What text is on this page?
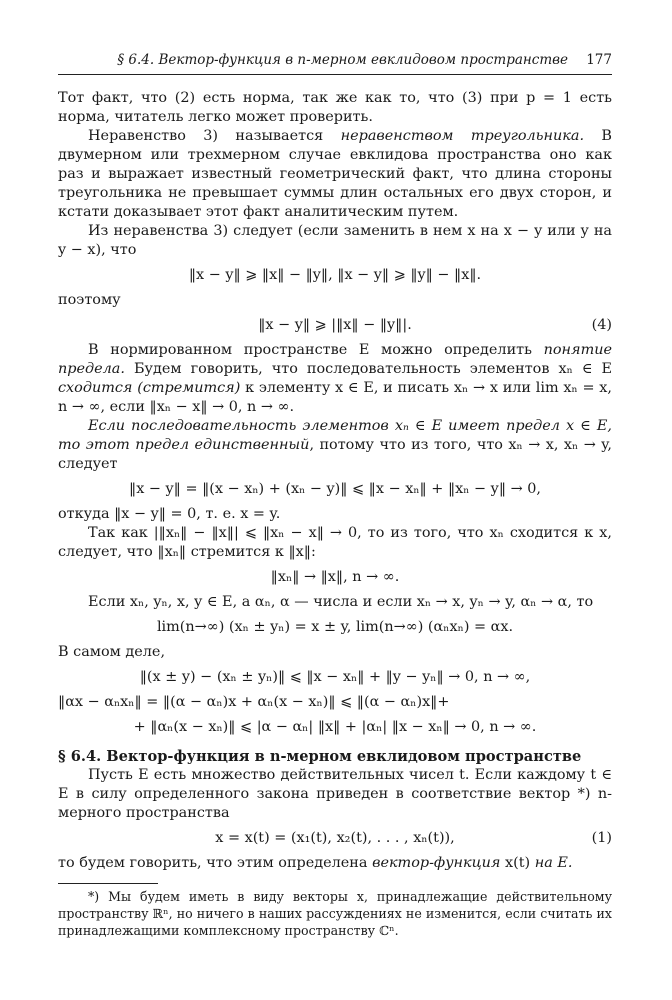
§ 6.4. Вектор-функция в n-мерном евклидовом пространстве 177

Тот факт, что (2) есть норма, так же как то, что (3) при p = 1 есть норма, читатель легко может проверить.

Неравенство 3) называется неравенством треугольника. В двумерном или трехмерном случае евклидова пространства оно как раз и выражает известный геометрический факт, что длина стороны треугольника не превышает суммы длин остальных его двух сторон, и кстати доказывает этот факт аналитическим путем.

Из неравенства 3) следует (если заменить в нем x на x − y или y на y − x), что

‖x − y‖ ⩾ ‖x‖ − ‖y‖, ‖x − y‖ ⩾ ‖y‖ − ‖x‖.

поэтому

‖x − y‖ ⩾ |‖x‖ − ‖y‖|.	(4)

В нормированном пространстве E можно определить понятие предела. Будем говорить, что последовательность элементов xₙ ∈ E сходится (стремится) к элементу x ∈ E, и писать xₙ → x или lim xₙ = x, n → ∞, если ‖xₙ − x‖ → 0, n → ∞.

Если последовательность элементов xₙ ∈ E имеет предел x ∈ E, то этот предел единственный, потому что из того, что xₙ → x, xₙ → y, следует

‖x − y‖ = ‖(x − xₙ) + (xₙ − y)‖ ⩽ ‖x − xₙ‖ + ‖xₙ − y‖ → 0,

откуда ‖x − y‖ = 0, т. е. x = y.

Так как |‖xₙ‖ − ‖x‖| ⩽ ‖xₙ − x‖ → 0, то из того, что xₙ сходится к x, следует, что ‖xₙ‖ стремится к ‖x‖:

‖xₙ‖ → ‖x‖, n → ∞.

Если xₙ, yₙ, x, y ∈ E, а αₙ, α — числа и если xₙ → x, yₙ → y, αₙ → α, то

lim(n→∞) (xₙ ± yₙ) = x ± y, lim(n→∞) (αₙxₙ) = αx.

В самом деле,

‖(x ± y) − (xₙ ± yₙ)‖ ⩽ ‖x − xₙ‖ + ‖y − yₙ‖ → 0, n → ∞,
‖αx − αₙxₙ‖ = ‖(α − αₙ)x + αₙ(x − xₙ)‖ ⩽ ‖(α − αₙ)x‖+
+ ‖αₙ(x − xₙ)‖ ⩽ |α − αₙ| ‖x‖ + |αₙ| ‖x − xₙ‖ → 0, n → ∞.
§ 6.4. Вектор-функция в n-мерном евклидовом пространстве

Пусть E есть множество действительных чисел t. Если каждому t ∈ E в силу определенного закона приведен в соответствие вектор *) n-мерного пространства

x = x(t) = (x₁(t), x₂(t), . . . , xₙ(t)),	(1)

то будем говорить, что этим определена вектор-функция x(t) на E.

*) Мы будем иметь в виду векторы x, принадлежащие действительному пространству ℝⁿ, но ничего в наших рассуждениях не изменится, если считать их принадлежащими комплексному пространству ℂⁿ.
